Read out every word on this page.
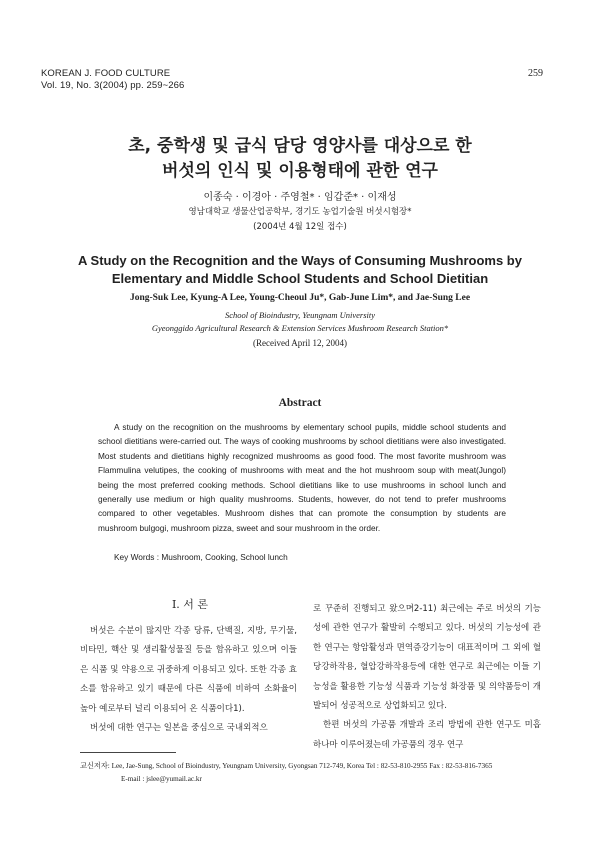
KOREAN J. FOOD CULTURE
Vol. 19, No. 3(2004) pp. 259~266
259
초, 중학생 및 급식 담당 영양사를 대상으로 한
버섯의 인식 및 이용형태에 관한 연구
이종숙 · 이경아 · 주영철* · 임갑준* · 이재성
영남대학교 생물산업공학부, 경기도 농업기술원 버섯시험장*
(2004년 4월 12일 접수)
A Study on the Recognition and the Ways of Consuming Mushrooms by
Elementary and Middle School Students and School Dietitian
Jong-Suk Lee, Kyung-A Lee, Young-Cheoul Ju*, Gab-June Lim*, and Jae-Sung Lee
School of Bioindustry, Yeungnam University
Gyeonggido Agricultural Research & Extension Services Mushroom Research Station*
(Received April 12, 2004)
Abstract

A study on the recognition on the mushrooms by elementary school pupils, middle school students and school dietitians were-carried out. The ways of cooking mushrooms by school dietitians were also investigated. Most students and dietitians highly recognized mushrooms as good food. The most favorite mushroom was Flammulina velutipes, the cooking of mushrooms with meat and the hot mushroom soup with meat(Jungol) being the most preferred cooking methods. School dietitians like to use mushrooms in school lunch and generally use medium or high quality mushrooms. Students, however, do not tend to prefer mushrooms compared to other vegetables. Mushroom dishes that can promote the consumption by students are mushroom bulgogi, mushroom pizza, sweet and sour mushroom in the order.

Key Words : Mushroom, Cooking, School lunch
I. 서 론

버섯은 수분이 많지만 각종 당류, 단백질, 지방, 무기물, 비타민, 핵산 및 생리활성물질 등을 함유하고 있으며 이들은 식품 및 약용으로 귀중하게 이용되고 있다. 또한 각종 효소를 함유하고 있기 때문에 다른 식품에 비하여 소화율이 높아 예로부터 널리 이용되어 온 식품이다1).

버섯에 대한 연구는 일본을 중심으로 국내외적으

로 꾸준히 진행되고 왔으며2-11) 최근에는 주로 버섯의 기능성에 관한 연구가 활발히 수행되고 있다. 버섯의 기능성에 관한 연구는 항암활성과 면역증강기능이 대표적이며 그 외에 혈당강하작용, 혈압강하작용등에 대한 연구로 최근에는 이들 기능성을 활용한 기능성 식품과 기능성 화장품 및 의약품등이 개발되어 성공적으로 상업화되고 있다.

한편 버섯의 가공품 개발과 조리 방법에 관한 연구도 미흡하나마 이루어졌는데 가공품의 경우 연구

교신저자: Lee, Jae-Sung, School of Bioindustry, Yeungnam University, Gyongsan 712-749, Korea Tel : 82-53-810-2955 Fax : 82-53-816-7365
E-mail : jslee@yumail.ac.kr
